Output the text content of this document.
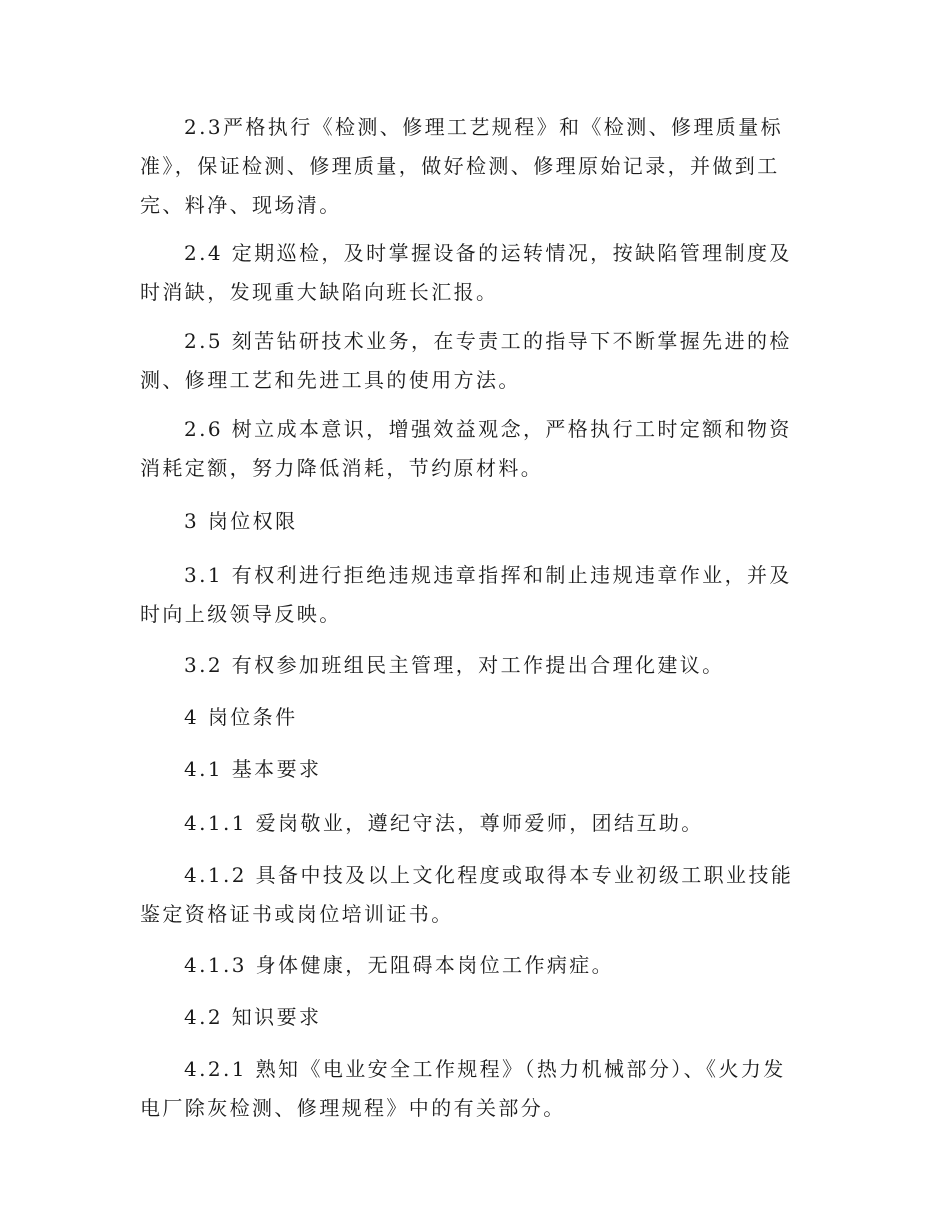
2.3严格执行《检测、修理工艺规程》和《检测、修理质量标准》，保证检测、修理质量，做好检测、修理原始记录，并做到工完、料净、现场清。

2.4 定期巡检，及时掌握设备的运转情况，按缺陷管理制度及时消缺，发现重大缺陷向班长汇报。

2.5 刻苦钻研技术业务，在专责工的指导下不断掌握先进的检测、修理工艺和先进工具的使用方法。

2.6 树立成本意识，增强效益观念，严格执行工时定额和物资消耗定额，努力降低消耗，节约原材料。

3 岗位权限

3.1 有权利进行拒绝违规违章指挥和制止违规违章作业，并及时向上级领导反映。

3.2 有权参加班组民主管理，对工作提出合理化建议。

4 岗位条件

4.1 基本要求

4.1.1 爱岗敬业，遵纪守法，尊师爱师，团结互助。

4.1.2 具备中技及以上文化程度或取得本专业初级工职业技能鉴定资格证书或岗位培训证书。

4.1.3 身体健康，无阻碍本岗位工作病症。

4.2 知识要求

4.2.1 熟知《电业安全工作规程》（热力机械部分）、《火力发电厂除灰检测、修理规程》中的有关部分。
